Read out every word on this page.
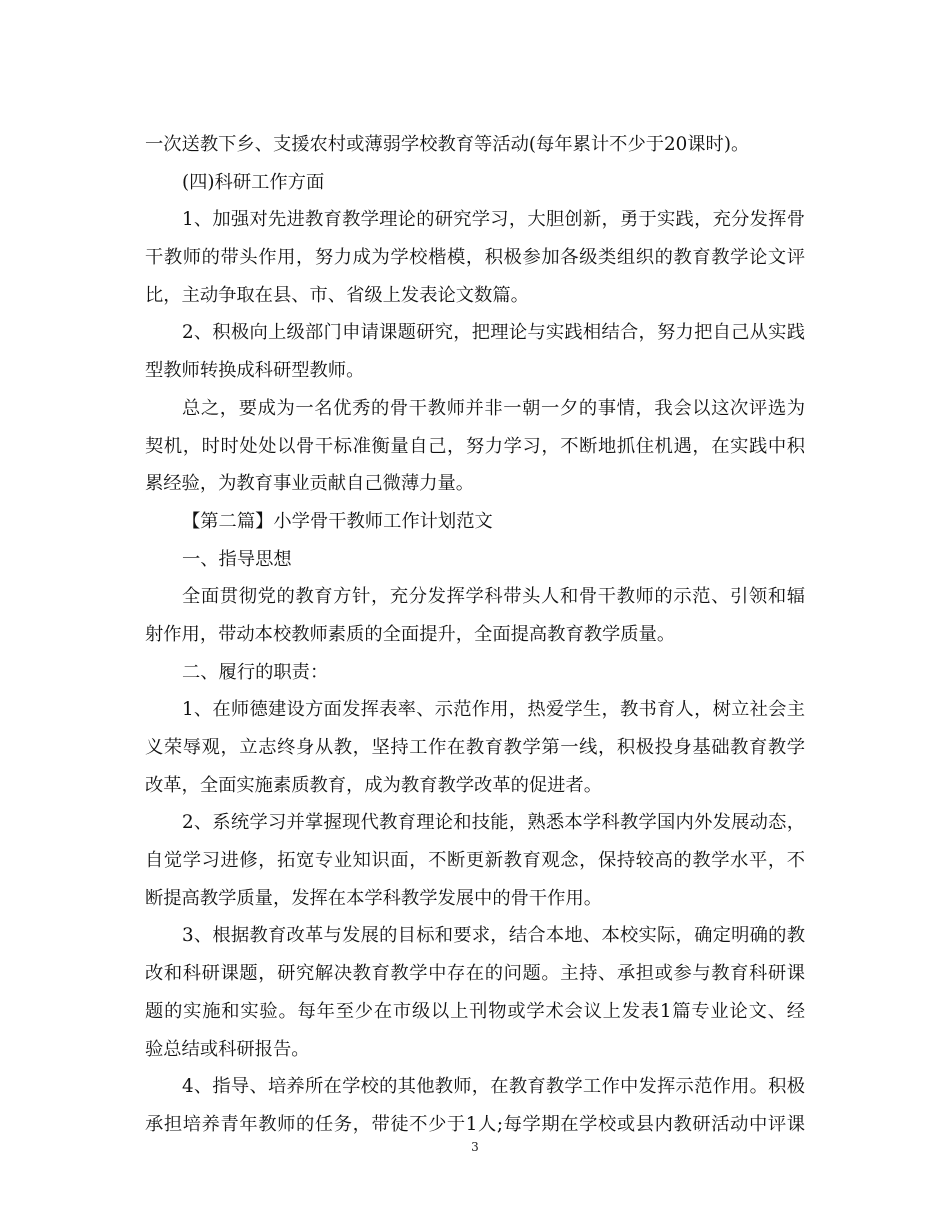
一次送教下乡、支援农村或薄弱学校教育等活动(每年累计不少于20课时)。
(四)科研工作方面
1、加强对先进教育教学理论的研究学习，大胆创新，勇于实践，充分发挥骨
干教师的带头作用，努力成为学校楷模，积极参加各级类组织的教育教学论文评
比，主动争取在县、市、省级上发表论文数篇。
2、积极向上级部门申请课题研究，把理论与实践相结合，努力把自己从实践
型教师转换成科研型教师。
总之，要成为一名优秀的骨干教师并非一朝一夕的事情，我会以这次评选为
契机，时时处处以骨干标准衡量自己，努力学习，不断地抓住机遇，在实践中积
累经验，为教育事业贡献自己微薄力量。
【第二篇】小学骨干教师工作计划范文
一、指导思想
全面贯彻党的教育方针，充分发挥学科带头人和骨干教师的示范、引领和辐
射作用，带动本校教师素质的全面提升，全面提高教育教学质量。
二、履行的职责：
1、在师德建设方面发挥表率、示范作用，热爱学生，教书育人，树立社会主
义荣辱观，立志终身从教，坚持工作在教育教学第一线，积极投身基础教育教学
改革，全面实施素质教育，成为教育教学改革的促进者。
2、系统学习并掌握现代教育理论和技能，熟悉本学科教学国内外发展动态，
自觉学习进修，拓宽专业知识面，不断更新教育观念，保持较高的教学水平，不
断提高教学质量，发挥在本学科教学发展中的骨干作用。
3、根据教育改革与发展的目标和要求，结合本地、本校实际，确定明确的教
改和科研课题，研究解决教育教学中存在的问题。主持、承担或参与教育科研课
题的实施和实验。每年至少在市级以上刊物或学术会议上发表1篇专业论文、经
验总结或科研报告。
4、指导、培养所在学校的其他教师，在教育教学工作中发挥示范作用。积极
承担培养青年教师的任务，带徒不少于1人;每学期在学校或县内教研活动中评课
3
